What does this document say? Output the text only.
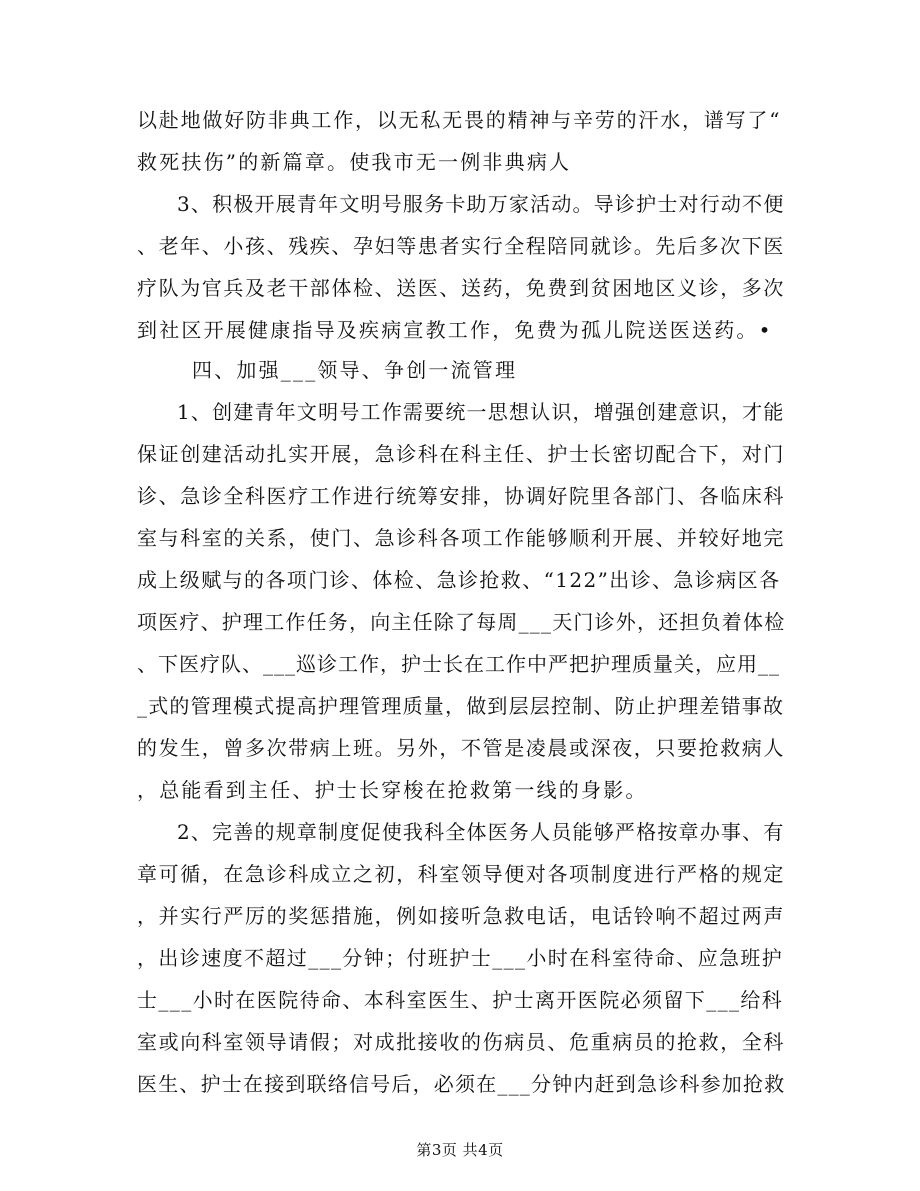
以赴地做好防非典工作，以无私无畏的精神与辛劳的汗水，谱写了“
救死扶伤”的新篇章。使我市无一例非典病人
3、积极开展青年文明号服务卡助万家活动。导诊护士对行动不便
、老年、小孩、残疾、孕妇等患者实行全程陪同就诊。先后多次下医
疗队为官兵及老干部体检、送医、送药，免费到贫困地区义诊，多次
到社区开展健康指导及疾病宣教工作，免费为孤儿院送医送药。•
四、加强___领导、争创一流管理
1、创建青年文明号工作需要统一思想认识，增强创建意识，才能
保证创建活动扎实开展，急诊科在科主任、护士长密切配合下，对门
诊、急诊全科医疗工作进行统筹安排，协调好院里各部门、各临床科
室与科室的关系，使门、急诊科各项工作能够顺利开展、并较好地完
成上级赋与的各项门诊、体检、急诊抢救、“122”出诊、急诊病区各
项医疗、护理工作任务，向主任除了每周___天门诊外，还担负着体检
、下医疗队、___巡诊工作，护士长在工作中严把护理质量关，应用__
_式的管理模式提高护理管理质量，做到层层控制、防止护理差错事故
的发生，曾多次带病上班。另外，不管是凌晨或深夜，只要抢救病人
，总能看到主任、护士长穿梭在抢救第一线的身影。
2、完善的规章制度促使我科全体医务人员能够严格按章办事、有
章可循，在急诊科成立之初，科室领导便对各项制度进行严格的规定
，并实行严厉的奖惩措施，例如接听急救电话，电话铃响不超过两声
，出诊速度不超过___分钟；付班护士___小时在科室待命、应急班护
士___小时在医院待命、本科室医生、护士离开医院必须留下___给科
室或向科室领导请假；对成批接收的伤病员、危重病员的抢救，全科
医生、护士在接到联络信号后，必须在___分钟内赶到急诊科参加抢救
第3页 共4页
